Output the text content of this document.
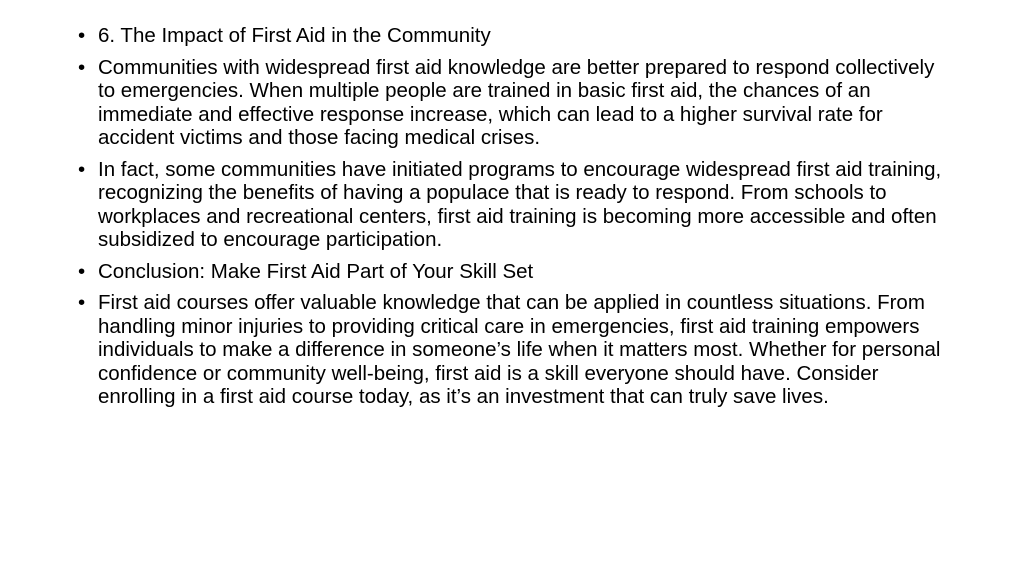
• 6. The Impact of First Aid in the Community
• Communities with widespread first aid knowledge are better prepared to respond collectively to emergencies. When multiple people are trained in basic first aid, the chances of an immediate and effective response increase, which can lead to a higher survival rate for accident victims and those facing medical crises.
• In fact, some communities have initiated programs to encourage widespread first aid training, recognizing the benefits of having a populace that is ready to respond. From schools to workplaces and recreational centers, first aid training is becoming more accessible and often subsidized to encourage participation.
• Conclusion: Make First Aid Part of Your Skill Set
• First aid courses offer valuable knowledge that can be applied in countless situations. From handling minor injuries to providing critical care in emergencies, first aid training empowers individuals to make a difference in someone’s life when it matters most. Whether for personal confidence or community well-being, first aid is a skill everyone should have. Consider enrolling in a first aid course today, as it’s an investment that can truly save lives.
